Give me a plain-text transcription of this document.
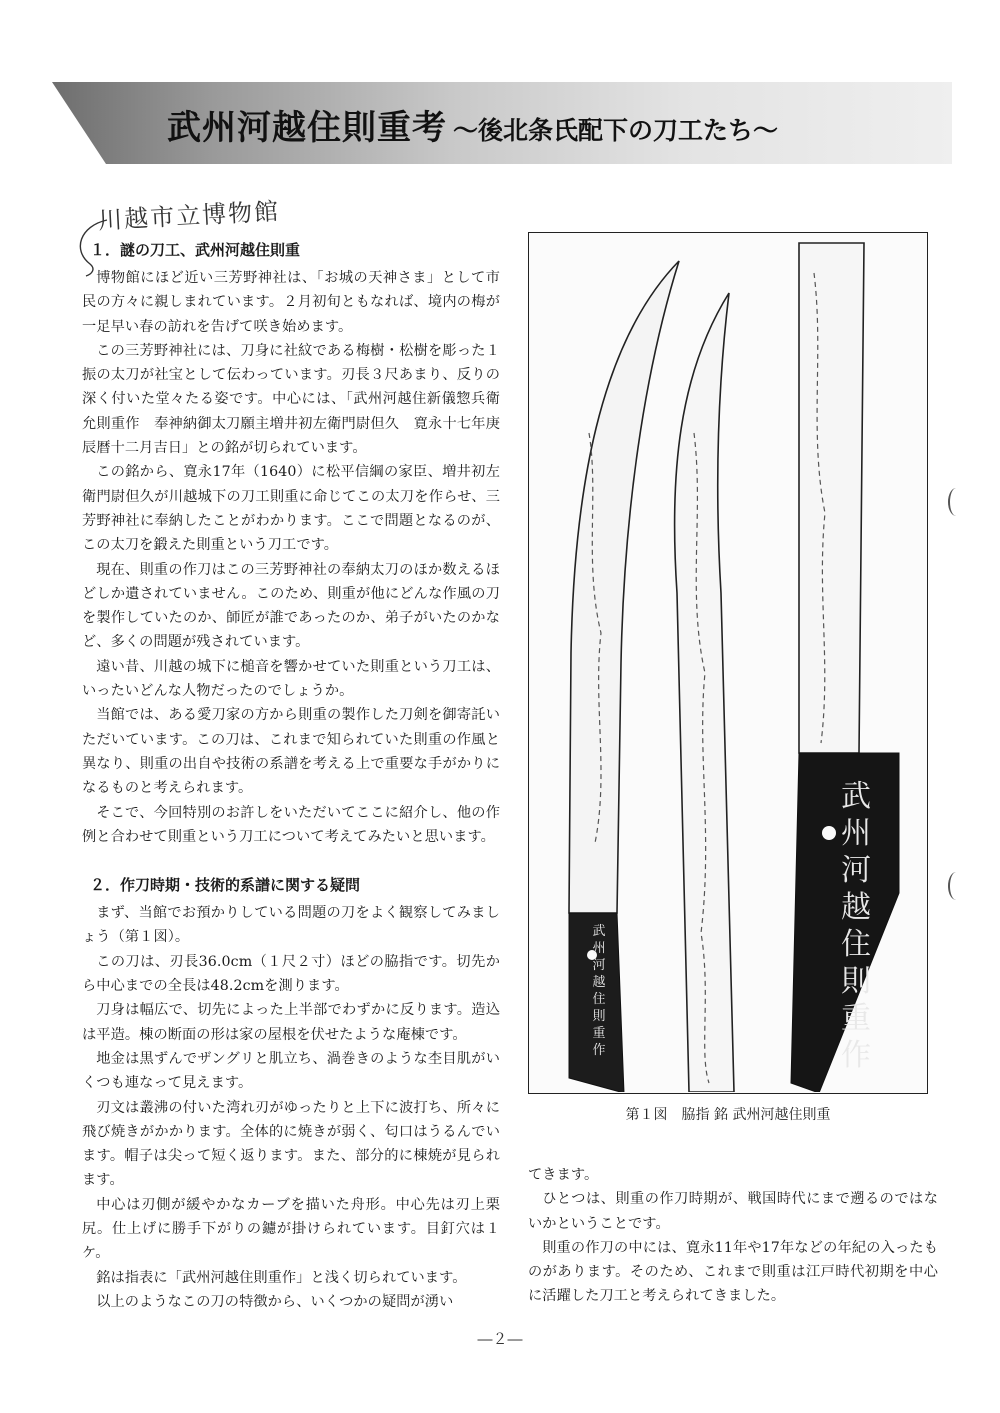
武州河越住則重考 ～後北条氏配下の刀工たち～
川越市立博物館
１．謎の刀工、武州河越住則重

博物館にほど近い三芳野神社は、「お城の天神さま」として市民の方々に親しまれています。２月初旬ともなれば、境内の梅が一足早い春の訪れを告げて咲き始めます。

この三芳野神社には、刀身に社紋である梅樹・松樹を彫った１振の太刀が社宝として伝わっています。刃長３尺あまり、反りの深く付いた堂々たる姿です。中心には、「武州河越住新儀惣兵衛允則重作　奉神納御太刀願主増井初左衛門尉但久　寛永十七年庚辰暦十二月吉日」との銘が切られています。

この銘から、寛永17年（1640）に松平信綱の家臣、増井初左衛門尉但久が川越城下の刀工則重に命じてこの太刀を作らせ、三芳野神社に奉納したことがわかります。ここで問題となるのが、この太刀を鍛えた則重という刀工です。

現在、則重の作刀はこの三芳野神社の奉納太刀のほか数えるほどしか遺されていません。このため、則重が他にどんな作風の刀を製作していたのか、師匠が誰であったのか、弟子がいたのかなど、多くの問題が残されています。

遠い昔、川越の城下に槌音を響かせていた則重という刀工は、いったいどんな人物だったのでしょうか。

当館では、ある愛刀家の方から則重の製作した刀剣を御寄託いただいています。この刀は、これまで知られていた則重の作風と異なり、則重の出自や技術の系譜を考える上で重要な手がかりになるものと考えられます。

そこで、今回特別のお許しをいただいてここに紹介し、他の作例と合わせて則重という刀工について考えてみたいと思います。

２．作刀時期・技術的系譜に関する疑問

まず、当館でお預かりしている問題の刀をよく観察してみましょう（第１図）。

この刀は、刃長36.0cm（１尺２寸）ほどの脇指です。切先から中心までの全長は48.2cmを測ります。

刀身は幅広で、切先によった上半部でわずかに反ります。造込は平造。棟の断面の形は家の屋根を伏せたような庵棟です。

地金は黒ずんでザングリと肌立ち、渦巻きのような杢目肌がいくつも連なって見えます。

刃文は叢沸の付いた湾れ刃がゆったりと上下に波打ち、所々に飛び焼きがかかります。全体的に焼きが弱く、匂口はうるんでいます。帽子は尖って短く返ります。また、部分的に棟焼が見られます。

中心は刃側が緩やかなカーブを描いた舟形。中心先は刃上栗尻。仕上げに勝手下がりの鑢が掛けられています。目釘穴は１ケ。

銘は指表に「武州河越住則重作」と浅く切られています。

以上のようなこの刀の特徴から、いくつかの疑問が湧い

武
州
河
越
住
則
重
作
武
州
河
越
住
則
重
作
第１図　脇指 銘 武州河越住則重

てきます。

ひとつは、則重の作刀時期が、戦国時代にまで遡るのではないかということです。

則重の作刀の中には、寛永11年や17年などの年紀の入ったものがあります。そのため、これまで則重は江戸時代初期を中心に活躍した刀工と考えられてきました。

―２―
